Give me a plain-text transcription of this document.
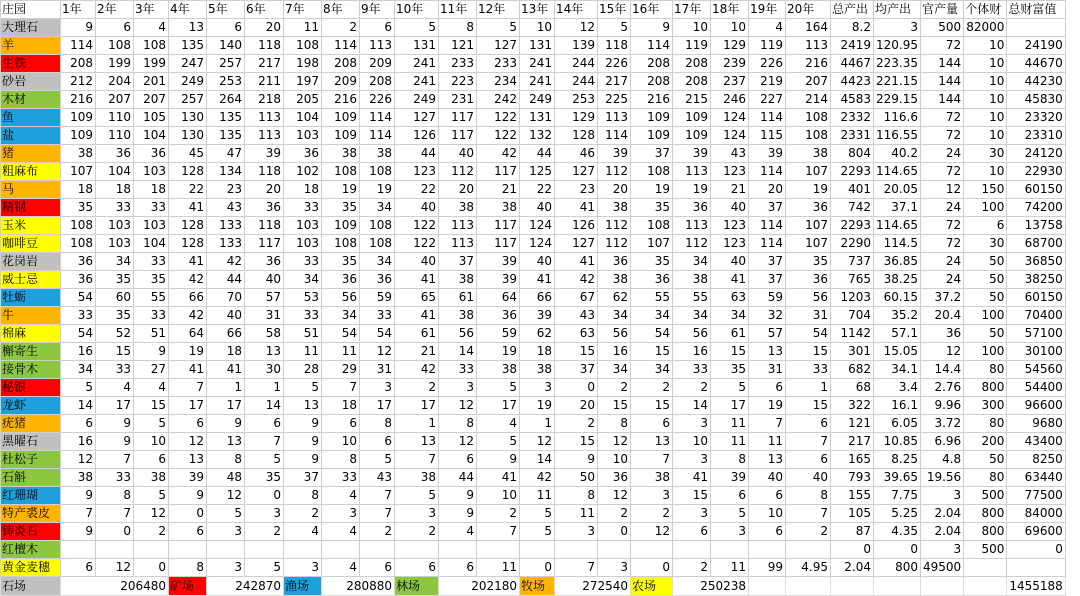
庄园	1年	2年	3年	4年	5年	6年	7年	8年	9年	10年	11年	12年	13年	14年	15年	16年	17年	18年	19年	20年	总产出	均产出	官产量	个体财	总财富值
大理石	9	6	4	13	6	20	11	2	6	5	8	5	10	12	5	9	10	10	4	164	8.2	3	500	82000	
羊	114	108	108	135	140	118	108	114	113	131	121	127	131	139	118	114	119	129	119	113	2419	120.95	72	10	24190
生铁	208	199	199	247	257	217	198	208	209	241	233	233	241	244	226	208	208	239	226	216	4467	223.35	144	10	44670
砂岩	212	204	201	249	253	211	197	209	208	241	223	234	241	244	217	208	208	237	219	207	4423	221.15	144	10	44230
木材	216	207	207	257	264	218	205	216	226	249	231	242	249	253	225	216	215	246	227	214	4583	229.15	144	10	45830
鱼	109	110	105	130	135	113	104	109	114	127	117	122	131	129	113	109	109	124	114	108	2332	116.6	72	10	23320
盐	109	110	104	130	135	113	103	109	114	126	117	122	132	128	114	109	109	124	115	108	2331	116.55	72	10	23310
猪	38	36	36	45	47	39	36	38	38	44	40	42	44	46	39	37	39	43	39	38	804	40.2	24	30	24120
粗麻布	107	104	103	128	134	118	102	108	108	123	112	117	125	127	112	108	113	123	114	107	2293	114.65	72	10	22930
马	18	18	18	22	23	20	18	19	19	22	20	21	22	23	20	19	19	21	20	19	401	20.05	12	150	60150
精钢	35	33	33	41	43	36	33	35	34	40	38	38	40	41	38	35	36	40	37	36	742	37.1	24	100	74200
玉米	108	103	103	128	133	118	103	109	108	122	113	117	124	126	112	108	113	123	114	107	2293	114.65	72	6	13758
咖啡豆	108	103	104	128	133	117	103	108	108	122	113	117	124	127	112	107	112	123	114	107	2290	114.5	72	30	68700
花岗岩	36	34	33	41	42	36	33	35	34	40	37	39	40	41	36	35	34	40	37	35	737	36.85	24	50	36850
威士忌	36	35	35	42	44	40	34	36	36	41	38	39	41	42	38	36	38	41	37	36	765	38.25	24	50	38250
牡蛎	54	60	55	66	70	57	53	56	59	65	61	64	66	67	62	55	55	63	59	56	1203	60.15	37.2	50	60150
牛	33	35	33	42	40	31	33	34	33	41	38	36	39	43	34	34	34	34	32	31	704	35.2	20.4	100	70400
棉麻	54	52	51	64	66	58	51	54	54	61	56	59	62	63	56	54	56	61	57	54	1142	57.1	36	50	57100
槲寄生	16	15	9	19	18	13	11	11	12	21	14	19	18	15	16	15	16	15	13	15	301	15.05	12	100	30100
接骨木	34	33	27	41	41	30	28	29	31	42	33	38	38	37	34	34	33	35	31	33	682	34.1	14.4	80	54560
秘银	5	4	4	7	1	1	5	7	3	2	3	5	3	0	2	2	2	5	6	1	68	3.4	2.76	800	54400
龙虾	14	17	15	17	17	14	13	18	17	17	12	17	19	20	15	15	14	17	19	15	322	16.1	9.96	300	96600
疣猪	6	9	5	6	9	6	9	6	8	1	8	4	1	2	8	6	3	11	7	6	121	6.05	3.72	80	9680
黑曜石	16	9	10	12	13	7	9	10	6	13	12	5	12	15	12	13	10	11	11	7	217	10.85	6.96	200	43400
杜松子	12	7	6	13	8	5	9	8	5	7	6	9	14	9	10	7	3	8	13	6	165	8.25	4.8	50	8250
石斛	38	33	38	39	48	35	37	33	43	38	44	41	42	50	36	38	41	39	40	40	793	39.65	19.56	80	63440
红珊瑚	9	8	5	9	12	0	8	4	7	5	9	10	11	8	12	3	15	6	6	8	155	7.75	3	500	77500
特产裘皮	7	7	12	0	5	3	2	3	7	3	9	2	5	11	2	2	3	5	10	7	105	5.25	2.04	800	84000
铸炎石	9	0	2	6	3	2	4	4	2	2	4	7	5	3	0	12	6	3	6	2	87	4.35	2.04	800	69600
红檀木																					0	0	3	500	0
黄金麦穗	6	12	0	8	3	5	3	4	6	6	6	11	0	7	3	0	2	11	99	4.95	2.04	800	49500		
石场	206480			矿场	242870		渔场	280880		林场	202180		牧场	272540		农场	250238								1455188
